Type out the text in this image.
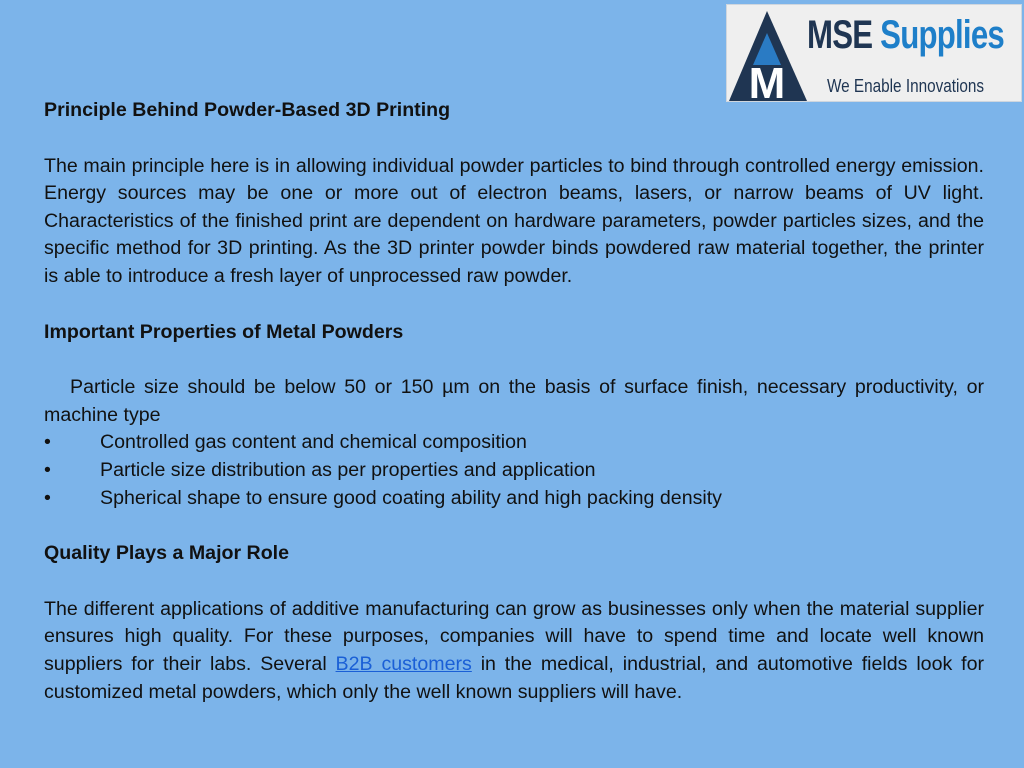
M
MSE Supplies
We Enable Innovations

Principle Behind Powder-Based 3D Printing

The main principle here is in allowing individual powder particles to bind through controlled energy emission. Energy sources may be one or more out of electron beams, lasers, or narrow beams of UV light. Characteristics of the finished print are dependent on hardware parameters, powder particles sizes, and the specific method for 3D printing. As the 3D printer powder binds powdered raw material together, the printer is able to introduce a fresh layer of unprocessed raw powder.

Important Properties of Metal Powders

Particle size should be below 50 or 150 µm on the basis of surface finish, necessary productivity, or machine type

•	Controlled gas content and chemical composition
•	Particle size distribution as per properties and application
•	Spherical shape to ensure good coating ability and high packing density

Quality Plays a Major Role

The different applications of additive manufacturing can grow as businesses only when the material supplier ensures high quality. For these purposes, companies will have to spend time and locate well known suppliers for their labs. Several B2B customers in the medical, industrial, and automotive fields look for customized metal powders, which only the well known suppliers will have.
